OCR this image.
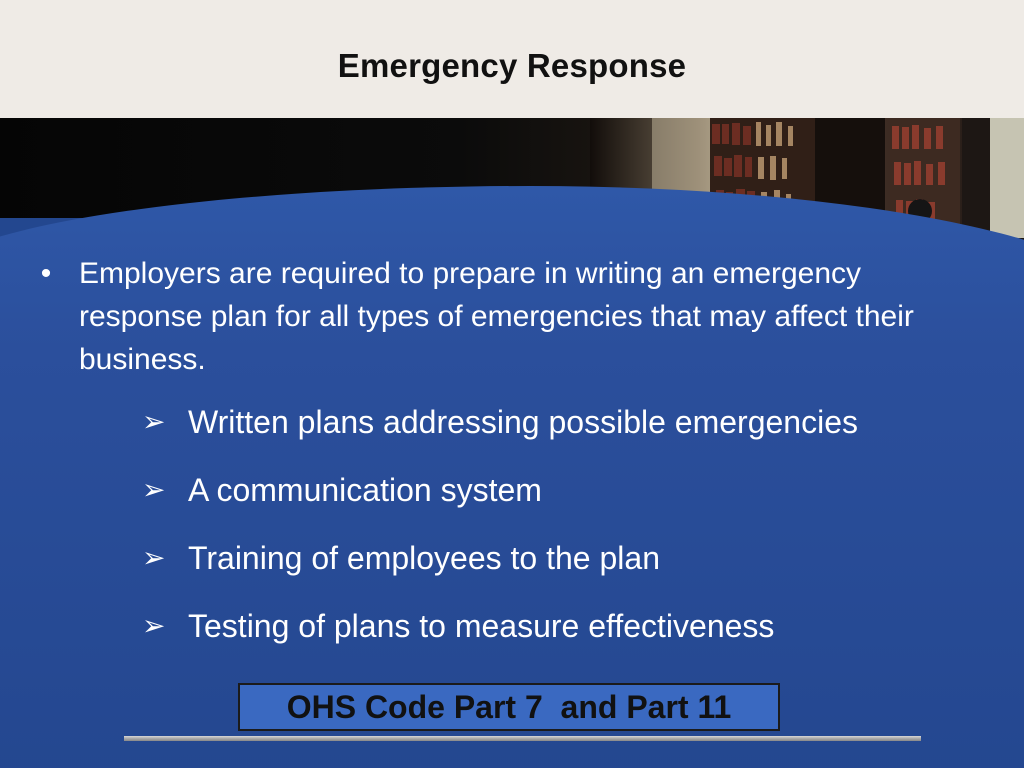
Emergency Response
• Employers are required to prepare in writing an emergency response plan for all types of emergencies that may affect their business.
➢ Written plans addressing possible emergencies
➢ A communication system
➢ Training of employees to the plan
➢ Testing of plans to measure effectiveness
OHS Code Part 7  and Part 11
